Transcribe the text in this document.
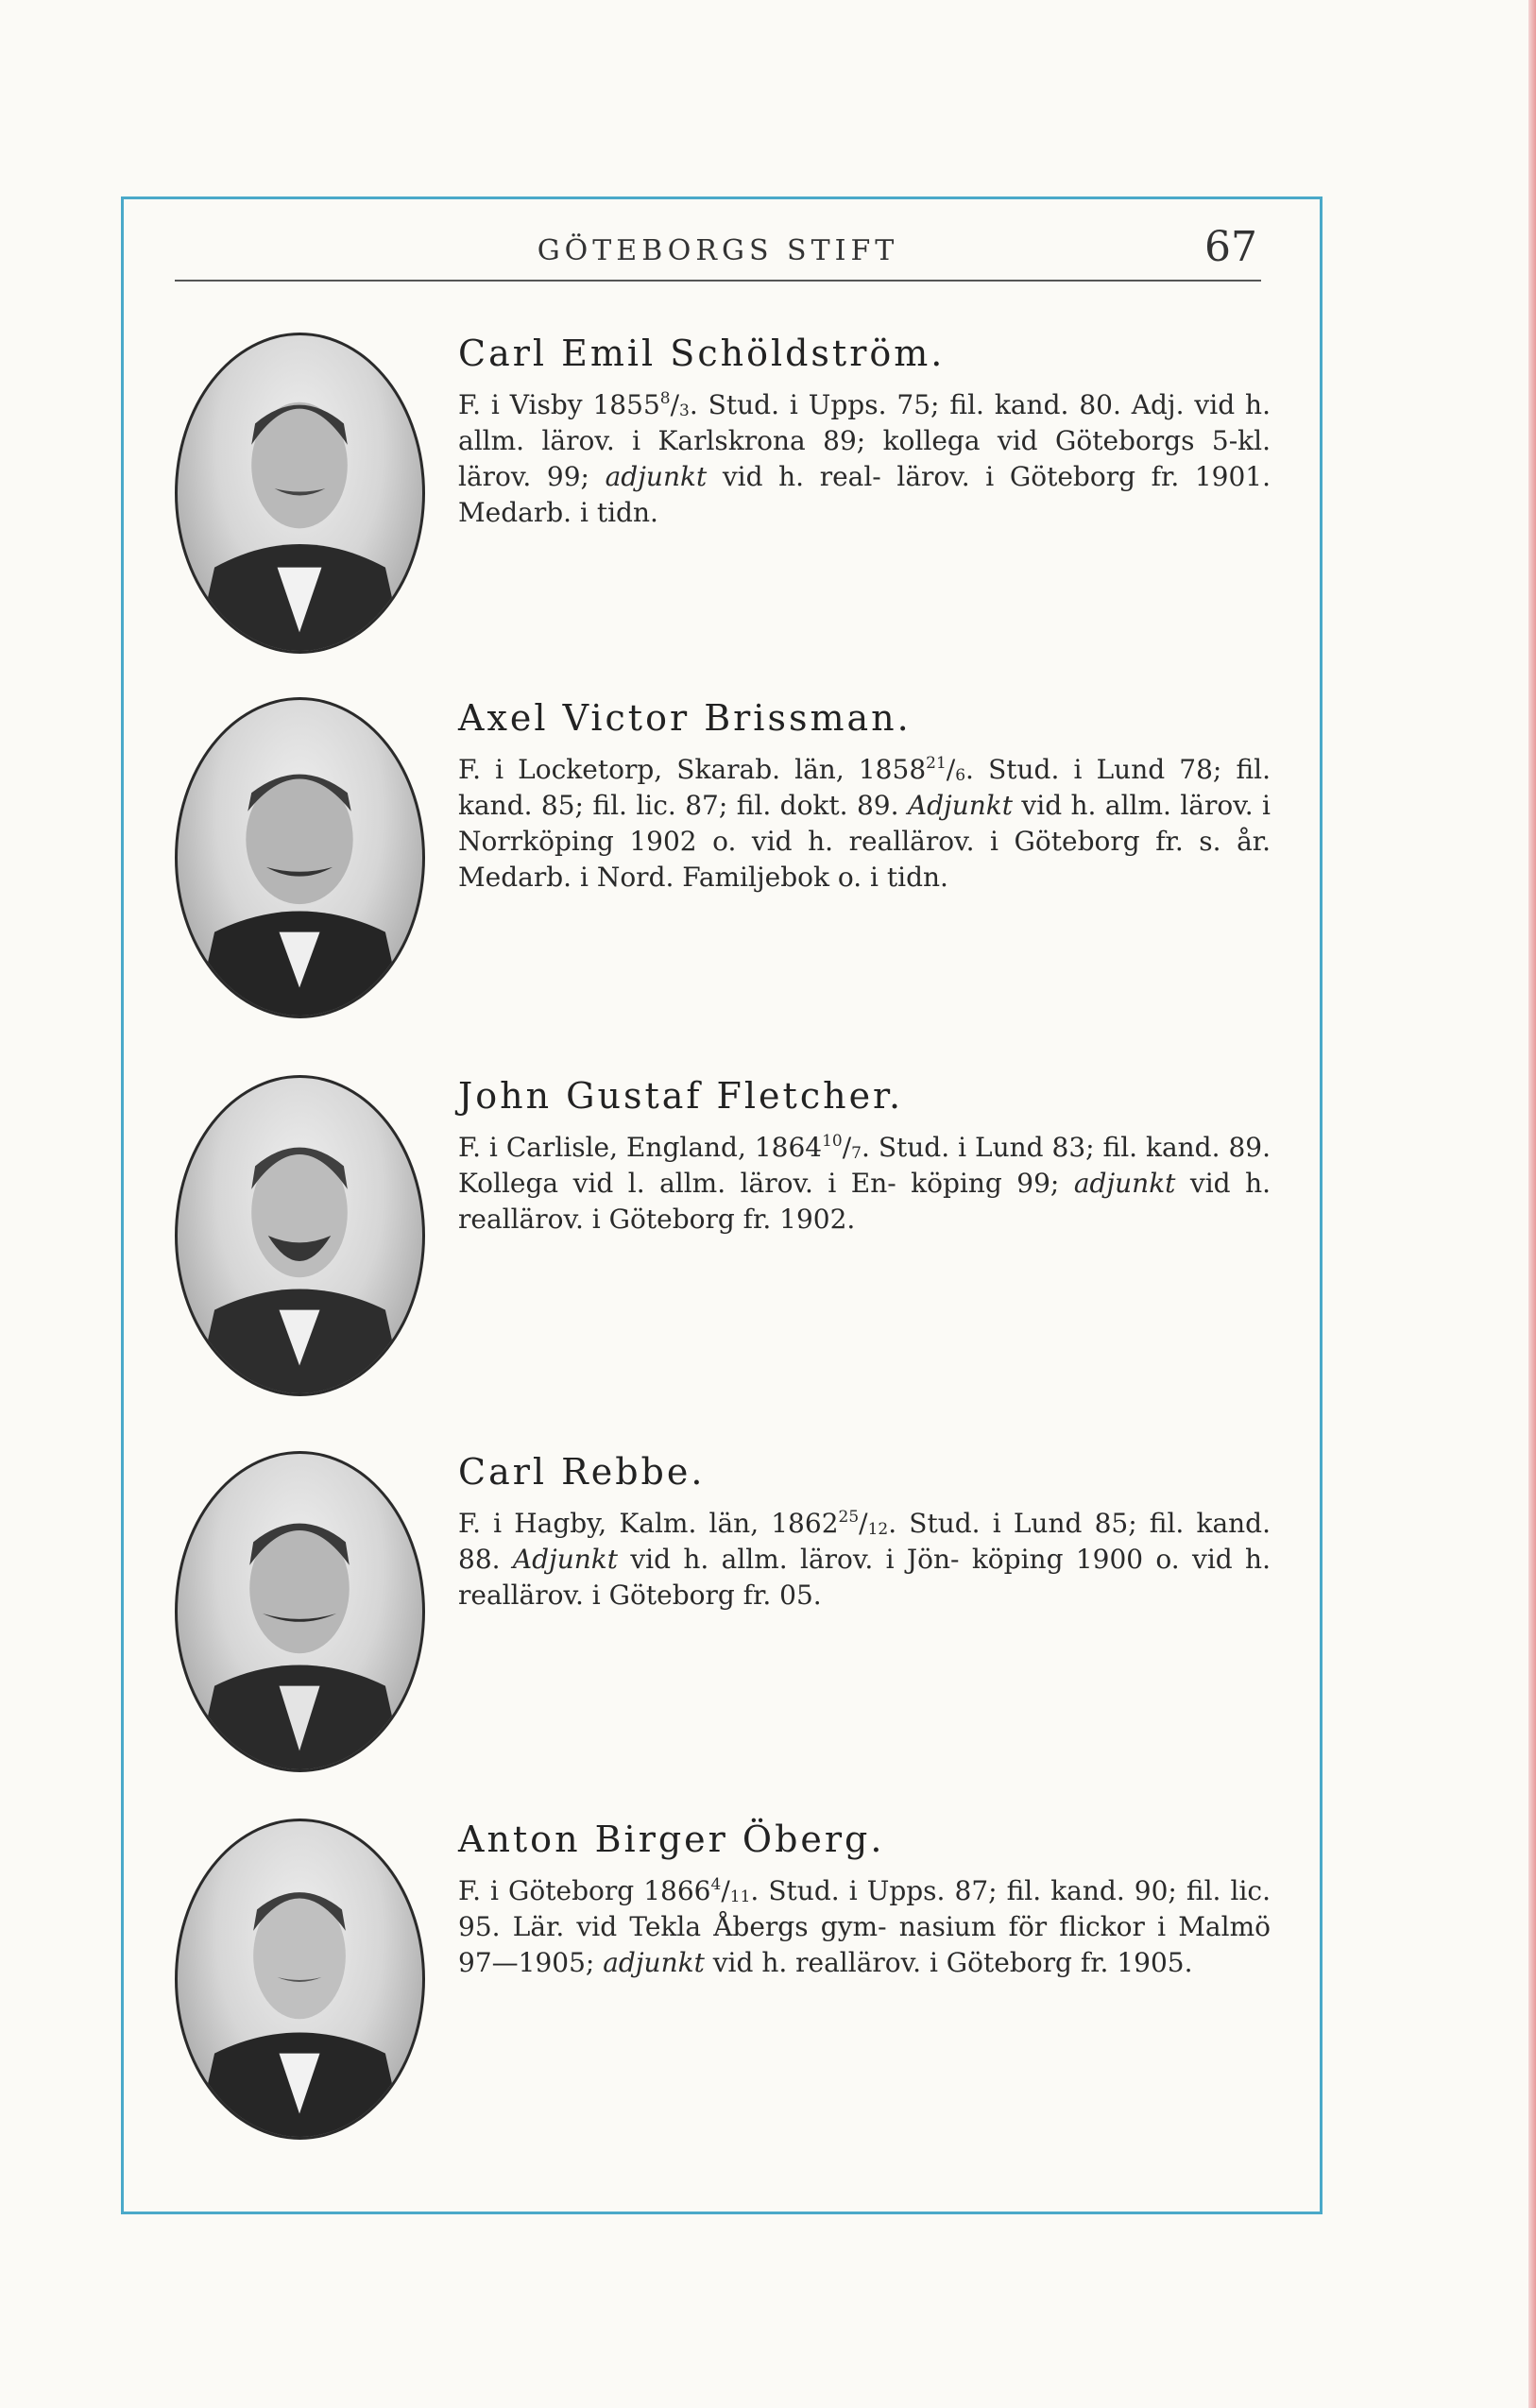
GÖTEBORGS STIFT	67
Carl Emil Schöldström.

F. i Visby $1855^8/_3$. Stud. i Upps. 75; fil. kand. 80. Adj. vid h. allm. lärov. i Karlskrona 89; kollega vid Göteborgs 5-kl. lärov. 99; adjunkt vid h. real- lärov. i Göteborg fr. 1901. Medarb. i tidn.

Axel Victor Brissman.

F. i Locketorp, Skarab. län, $1858^{21}/_6$. Stud. i Lund 78; fil. kand. 85; fil. lic. 87; fil. dokt. 89. Adjunkt vid h. allm. lärov. i Norrköping 1902 o. vid h. reallärov. i Göteborg fr. s. år. Medarb. i Nord. Familjebok o. i tidn.

John Gustaf Fletcher.

F. i Carlisle, England, $1864^{10}/_7$. Stud. i Lund 83; fil. kand. 89. Kollega vid l. allm. lärov. i En- köping 99; adjunkt vid h. reallärov. i Göteborg fr. 1902.

Carl Rebbe.

F. i Hagby, Kalm. län, $1862^{25}/_{12}$. Stud. i Lund 85; fil. kand. 88. Adjunkt vid h. allm. lärov. i Jön- köping 1900 o. vid h. reallärov. i Göteborg fr. 05.

Anton Birger Öberg.

F. i Göteborg $1866^4/_{11}$. Stud. i Upps. 87; fil. kand. 90; fil. lic. 95. Lär. vid Tekla Åbergs gym- nasium för flickor i Malmö 97—1905; adjunkt vid h. reallärov. i Göteborg fr. 1905.
